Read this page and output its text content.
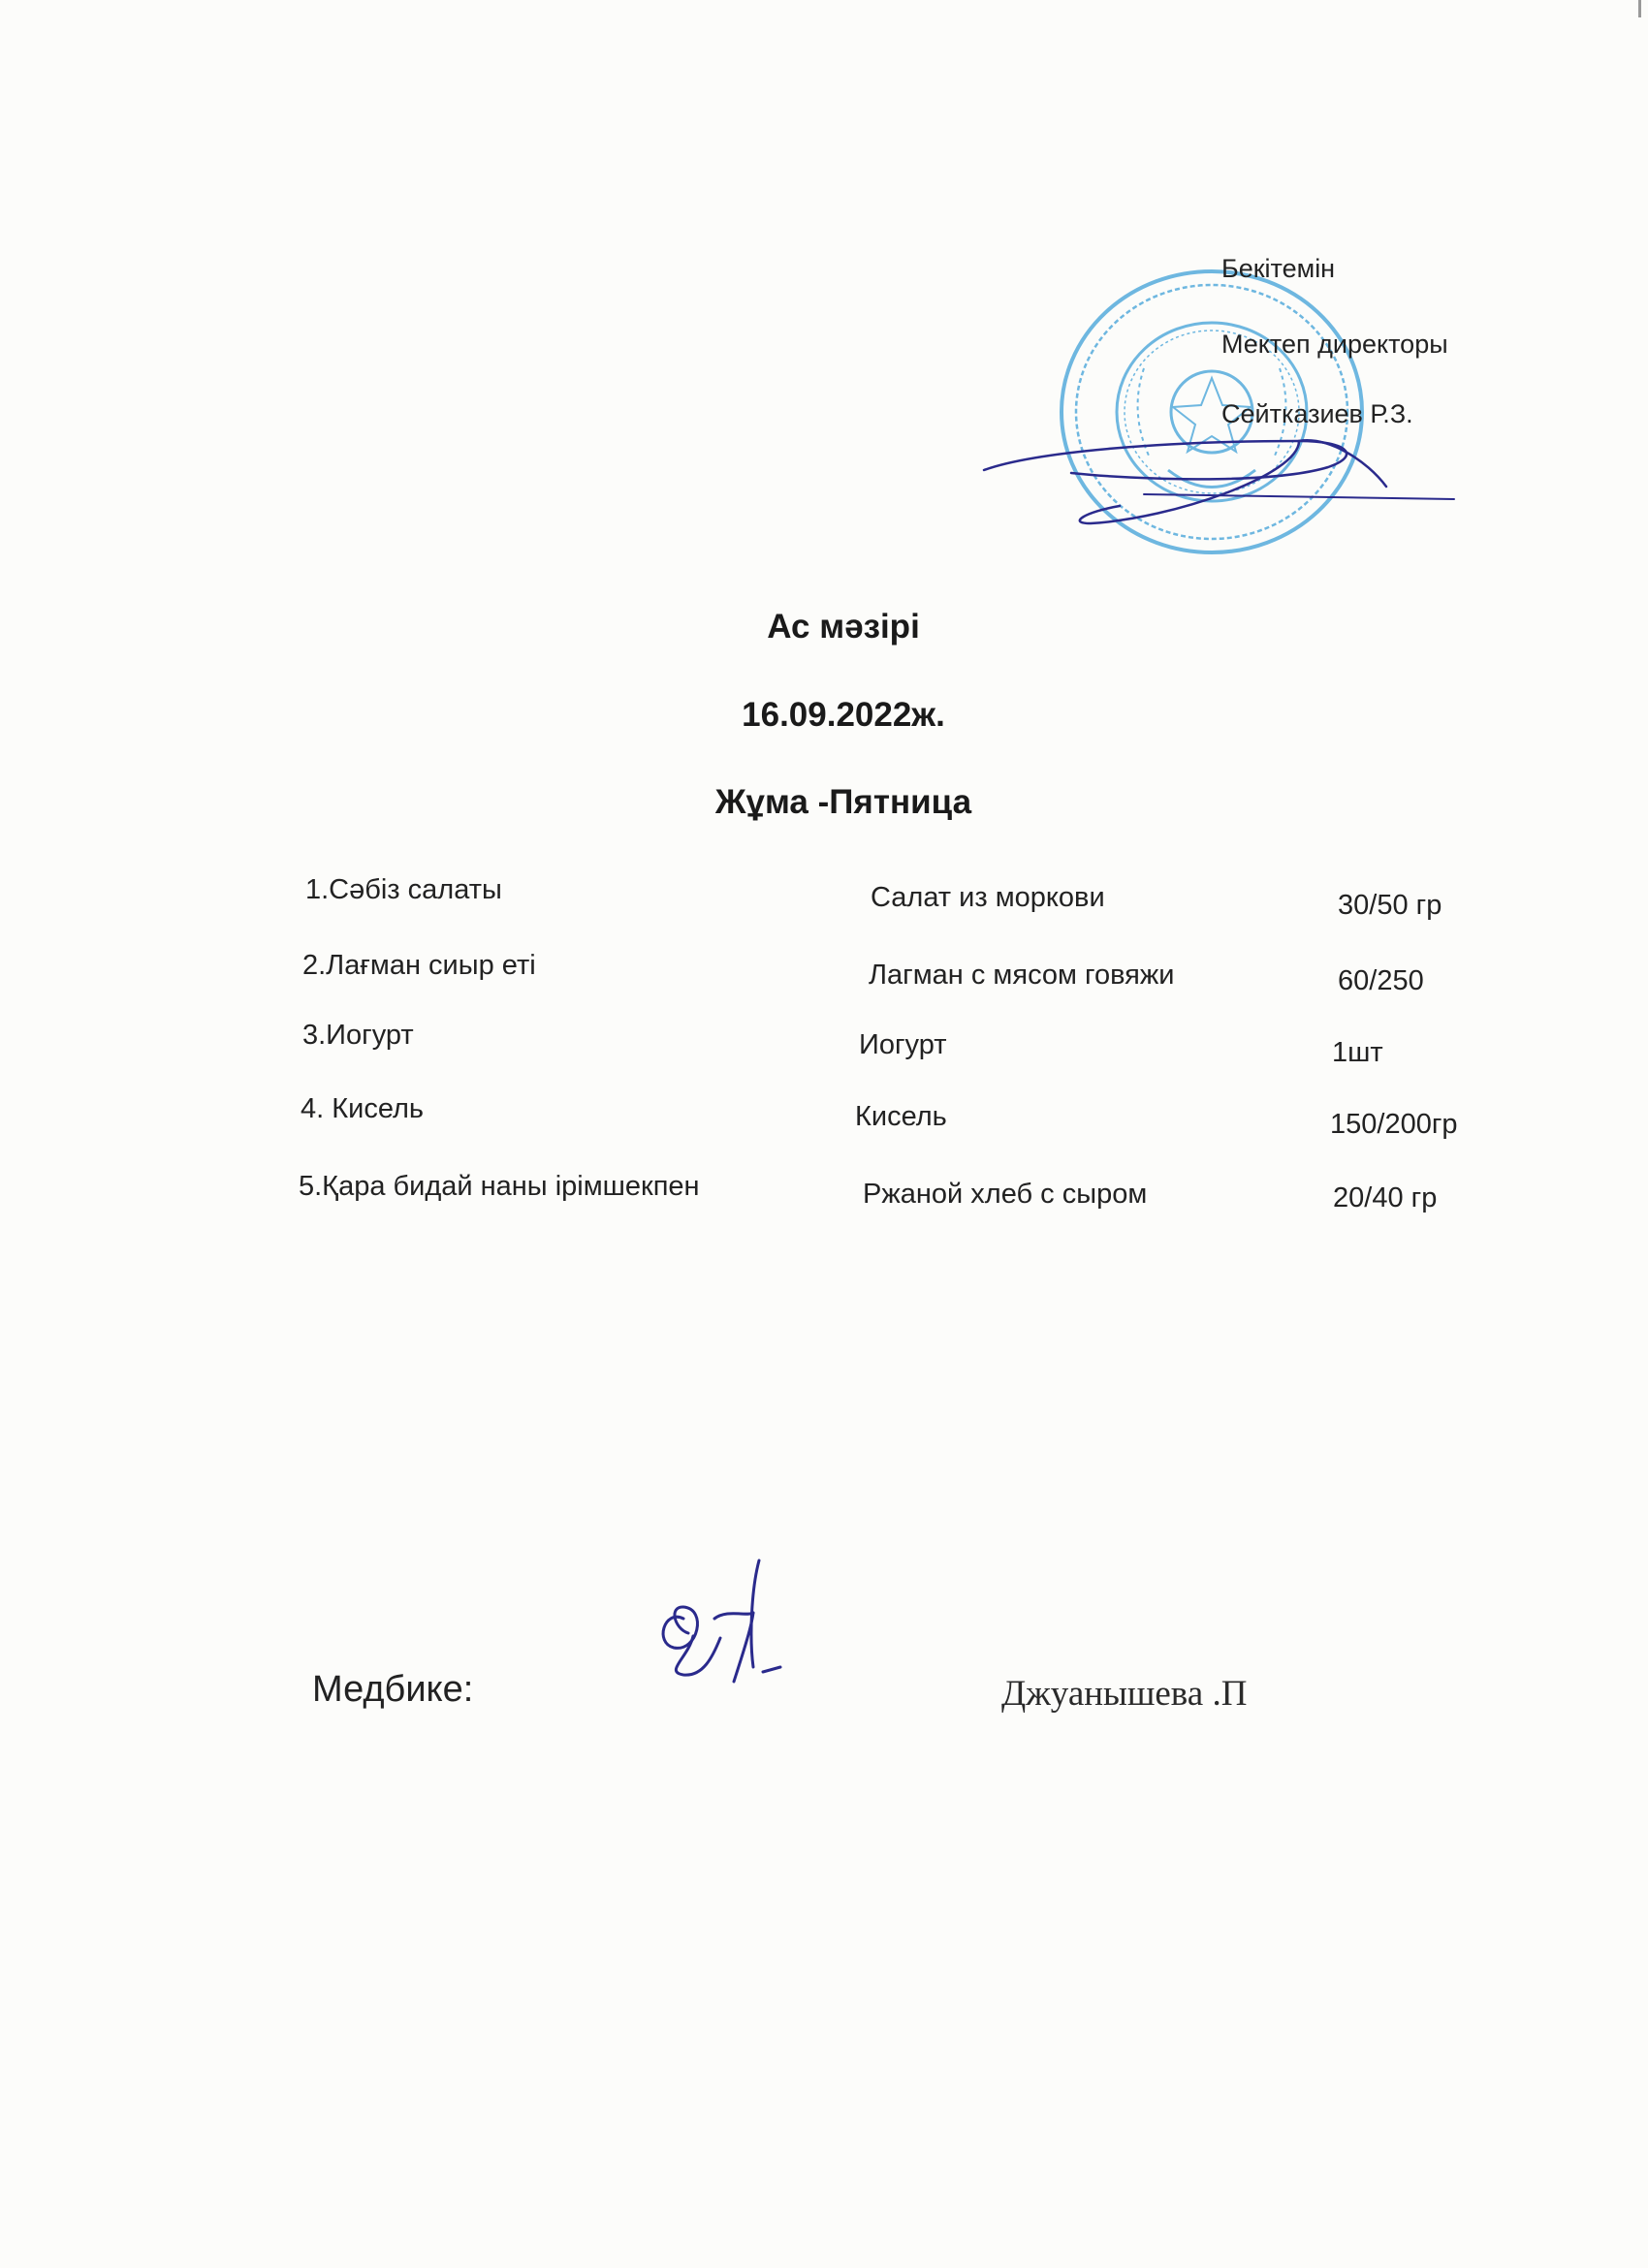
Бекітемін
Мектеп директоры
Сейтказиев Р.З.
Ас мәзірі
16.09.2022ж.
Жұма -Пятница
1.Сәбіз салаты	Салат из моркови	30/50 гр
2.Лағман сиыр еті	Лагман с мясом говяжи	60/250
3.Иогурт	Иогурт	1шт
4. Кисель	Кисель	150/200гр
5.Қара бидай наны ірімшекпен	Ржаной хлеб с сыром	20/40 гр
Медбике:	Джуанышева .П
